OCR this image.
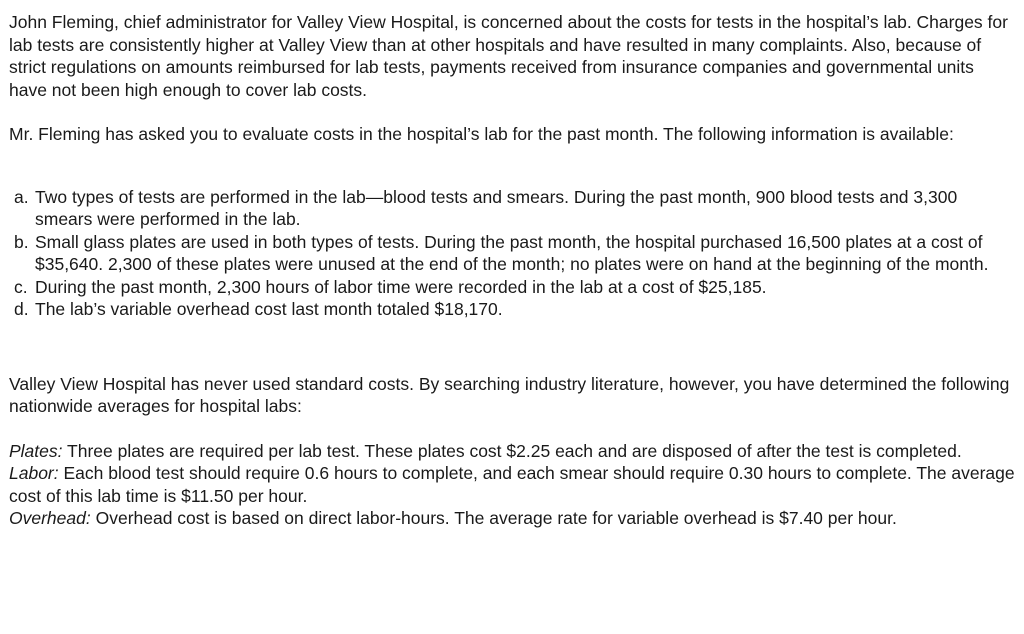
John Fleming, chief administrator for Valley View Hospital, is concerned about the costs for tests in the hospital’s lab. Charges for lab tests are consistently higher at Valley View than at other hospitals and have resulted in many complaints. Also, because of strict regulations on amounts reimbursed for lab tests, payments received from insurance companies and governmental units have not been high enough to cover lab costs.

Mr. Fleming has asked you to evaluate costs in the hospital’s lab for the past month. The following information is available:

a. Two types of tests are performed in the lab—blood tests and smears. During the past month, 900 blood tests and 3,300 smears were performed in the lab.
b. Small glass plates are used in both types of tests. During the past month, the hospital purchased 16,500 plates at a cost of $35,640. 2,300 of these plates were unused at the end of the month; no plates were on hand at the beginning of the month.
c. During the past month, 2,300 hours of labor time were recorded in the lab at a cost of $25,185.
d. The lab’s variable overhead cost last month totaled $18,170.

Valley View Hospital has never used standard costs. By searching industry literature, however, you have determined the following nationwide averages for hospital labs:

Plates: Three plates are required per lab test. These plates cost $2.25 each and are disposed of after the test is completed.

Labor: Each blood test should require 0.6 hours to complete, and each smear should require 0.30 hours to complete. The average cost of this lab time is $11.50 per hour.

Overhead: Overhead cost is based on direct labor-hours. The average rate for variable overhead is $7.40 per hour.
